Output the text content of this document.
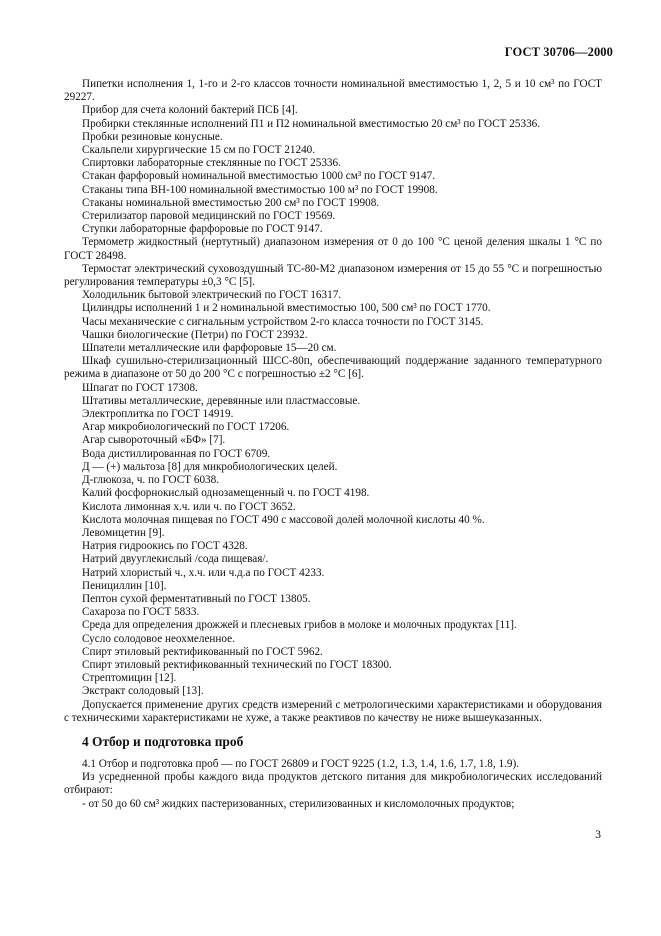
ГОСТ 30706—2000

Пипетки исполнения 1, 1-го и 2-го классов точности номинальной вместимостью 1, 2, 5 и 10 см³ по ГОСТ 29227.

Прибор для счета колоний бактерий ПСБ [4].

Пробирки стеклянные исполнений П1 и П2 номинальной вместимостью 20 см³ по ГОСТ 25336.

Пробки резиновые конусные.

Скальпели хирургические 15 см по ГОСТ 21240.

Спиртовки лабораторные стеклянные по ГОСТ 25336.

Стакан фарфоровый номинальной вместимостью 1000 см³ по ГОСТ 9147.

Стаканы типа ВН-100 номинальной вместимостью 100 м³ по ГОСТ 19908.

Стаканы номинальной вместимостью 200 см³ по ГОСТ 19908.

Стерилизатор паровой медицинский по ГОСТ 19569.

Ступки лабораторные фарфоровые по ГОСТ 9147.

Термометр жидкостный (нертутный) диапазоном измерения от 0 до 100 °С ценой деления шкалы 1 °С по ГОСТ 28498.

Термостат электрический суховоздушный ТС-80-М2 диапазоном измерения от 15 до 55 °С и погрешностью регулирования температуры ±0,3 °С [5].

Холодильник бытовой электрический по ГОСТ 16317.

Цилиндры исполнений 1 и 2 номинальной вместимостью 100, 500 см³ по ГОСТ 1770.

Часы механические с сигнальным устройством 2-го класса точности по ГОСТ 3145.

Чашки биологические (Петри) по ГОСТ 23932.

Шпатели металлические или фарфоровые 15—20 см.

Шкаф сушильно-стерилизационный ШСС-80п, обеспечивающий поддержание заданного температурного режима в диапазоне от 50 до 200 °С с погрешностью ±2 °С [6].

Шпагат по ГОСТ 17308.

Штативы металлические, деревянные или пластмассовые.

Электроплитка по ГОСТ 14919.

Агар микробиологический по ГОСТ 17206.

Агар сывороточный «БФ» [7].

Вода дистиллированная по ГОСТ 6709.

Д — (+) мальтоза [8] для микробиологических целей.

Д-глюкоза, ч. по ГОСТ 6038.

Калий фосфорнокислый однозамещенный ч. по ГОСТ 4198.

Кислота лимонная х.ч. или ч. по ГОСТ 3652.

Кислота молочная пищевая по ГОСТ 490 с массовой долей молочной кислоты 40 %.

Левомицетин [9].

Натрия гидроокись по ГОСТ 4328.

Натрий двууглекислый /сода пищевая/.

Натрий хлористый ч., х.ч. или ч.д.а по ГОСТ 4233.

Пенициллин [10].

Пептон сухой ферментативный по ГОСТ 13805.

Сахароза по ГОСТ 5833.

Среда для определения дрожжей и плесневых грибов в молоке и молочных продуктах [11].

Сусло солодовое неохмеленное.

Спирт этиловый ректификованный по ГОСТ 5962.

Спирт этиловый ректификованный технический по ГОСТ 18300.

Стрептомицин [12].

Экстракт солодовый [13].

Допускается применение других средств измерений с метрологическими характеристиками и оборудования с техническими характеристиками не хуже, а также реактивов по качеству не ниже вышеуказанных.

4 Отбор и подготовка проб

4.1 Отбор и подготовка проб — по ГОСТ 26809 и ГОСТ 9225 (1.2, 1.3, 1.4, 1.6, 1.7, 1.8, 1.9).

Из усредненной пробы каждого вида продуктов детского питания для микробиологических исследований отбирают:

- от 50 до 60 см³ жидких пастеризованных, стерилизованных и кисломолочных продуктов;

3
